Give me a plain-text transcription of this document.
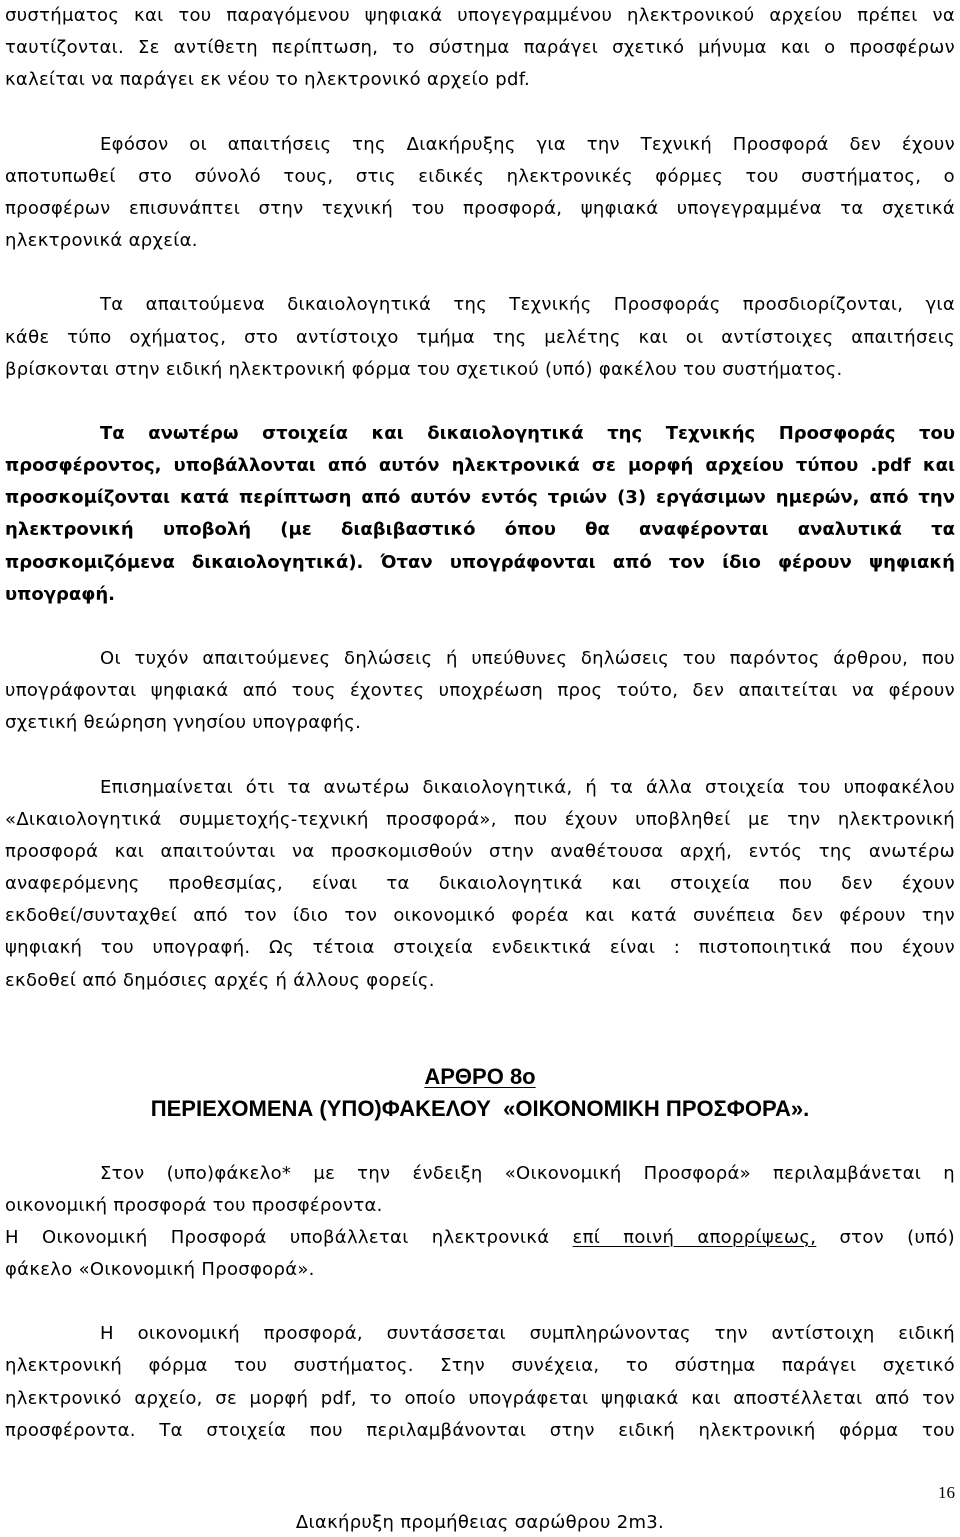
συστήματος και του παραγόμενου ψηφιακά υπογεγραμμένου ηλεκτρονικού αρχείου πρέπει να
ταυτίζονται. Σε αντίθετη περίπτωση, το σύστημα παράγει σχετικό μήνυμα και ο προσφέρων
καλείται να παράγει εκ νέου το ηλεκτρονικό αρχείο pdf.
Εφόσον οι απαιτήσεις της Διακήρυξης για την Τεχνική Προσφορά δεν έχουν
αποτυπωθεί στο σύνολό τους, στις ειδικές ηλεκτρονικές φόρμες του συστήματος, ο
προσφέρων επισυνάπτει στην τεχνική του προσφορά, ψηφιακά υπογεγραμμένα τα σχετικά
ηλεκτρονικά αρχεία.
Τα απαιτούμενα δικαιολογητικά της Τεχνικής Προσφοράς προσδιορίζονται, για
κάθε τύπο οχήματος, στο αντίστοιχο τμήμα της μελέτης και οι αντίστοιχες απαιτήσεις
βρίσκονται στην ειδική ηλεκτρονική φόρμα του σχετικού (υπό) φακέλου του συστήματος.
Τα ανωτέρω στοιχεία και δικαιολογητικά της Τεχνικής Προσφοράς του
προσφέροντος, υποβάλλονται από αυτόν ηλεκτρονικά σε μορφή αρχείου τύπου .pdf και
προσκομίζονται κατά περίπτωση από αυτόν εντός τριών (3) εργάσιμων ημερών, από την
ηλεκτρονική υποβολή (με διαβιβαστικό όπου θα αναφέρονται αναλυτικά τα
προσκομιζόμενα δικαιολογητικά). Όταν υπογράφονται από τον ίδιο φέρουν ψηφιακή
υπογραφή.
Οι τυχόν απαιτούμενες δηλώσεις ή υπεύθυνες δηλώσεις του παρόντος άρθρου, που
υπογράφονται ψηφιακά από τους έχοντες υποχρέωση προς τούτο, δεν απαιτείται να φέρουν
σχετική θεώρηση γνησίου υπογραφής.
Επισημαίνεται ότι τα ανωτέρω δικαιολογητικά, ή τα άλλα στοιχεία του υποφακέλου
«Δικαιολογητικά συμμετοχής-τεχνική προσφορά», που έχουν υποβληθεί με την ηλεκτρονική
προσφορά και απαιτούνται να προσκομισθούν στην αναθέτουσα αρχή, εντός της ανωτέρω
αναφερόμενης προθεσμίας, είναι τα δικαιολογητικά και στοιχεία που δεν έχουν
εκδοθεί/συνταχθεί από τον ίδιο τον οικονομικό φορέα και κατά συνέπεια δεν φέρουν την
ψηφιακή του υπογραφή. Ως τέτοια στοιχεία ενδεικτικά είναι : πιστοποιητικά που έχουν
εκδοθεί από δημόσιες αρχές ή άλλους φορείς.
ΑΡΘΡΟ 8ο
ΠΕΡΙΕΧΟΜΕΝΑ (ΥΠΟ)ΦΑΚΕΛΟΥ  «ΟΙΚΟΝΟΜΙΚΗ ΠΡΟΣΦΟΡΑ».
Στον (υπο)φάκελο* με την ένδειξη «Οικονομική Προσφορά» περιλαμβάνεται η
οικονομική προσφορά του προσφέροντα.
Η Οικονομική Προσφορά υποβάλλεται ηλεκτρονικά επί ποινή απορρίψεως, στον (υπό)
φάκελο «Οικονομική Προσφορά».
Η οικονομική προσφορά, συντάσσεται συμπληρώνοντας την αντίστοιχη ειδική
ηλεκτρονική φόρμα του συστήματος. Στην συνέχεια, το σύστημα παράγει σχετικό
ηλεκτρονικό αρχείο, σε μορφή pdf, το οποίο υπογράφεται ψηφιακά και αποστέλλεται από τον
προσφέροντα. Τα στοιχεία που περιλαμβάνονται στην ειδική ηλεκτρονική φόρμα του
16
Διακήρυξη προμήθειας σαρώθρου 2m3.
